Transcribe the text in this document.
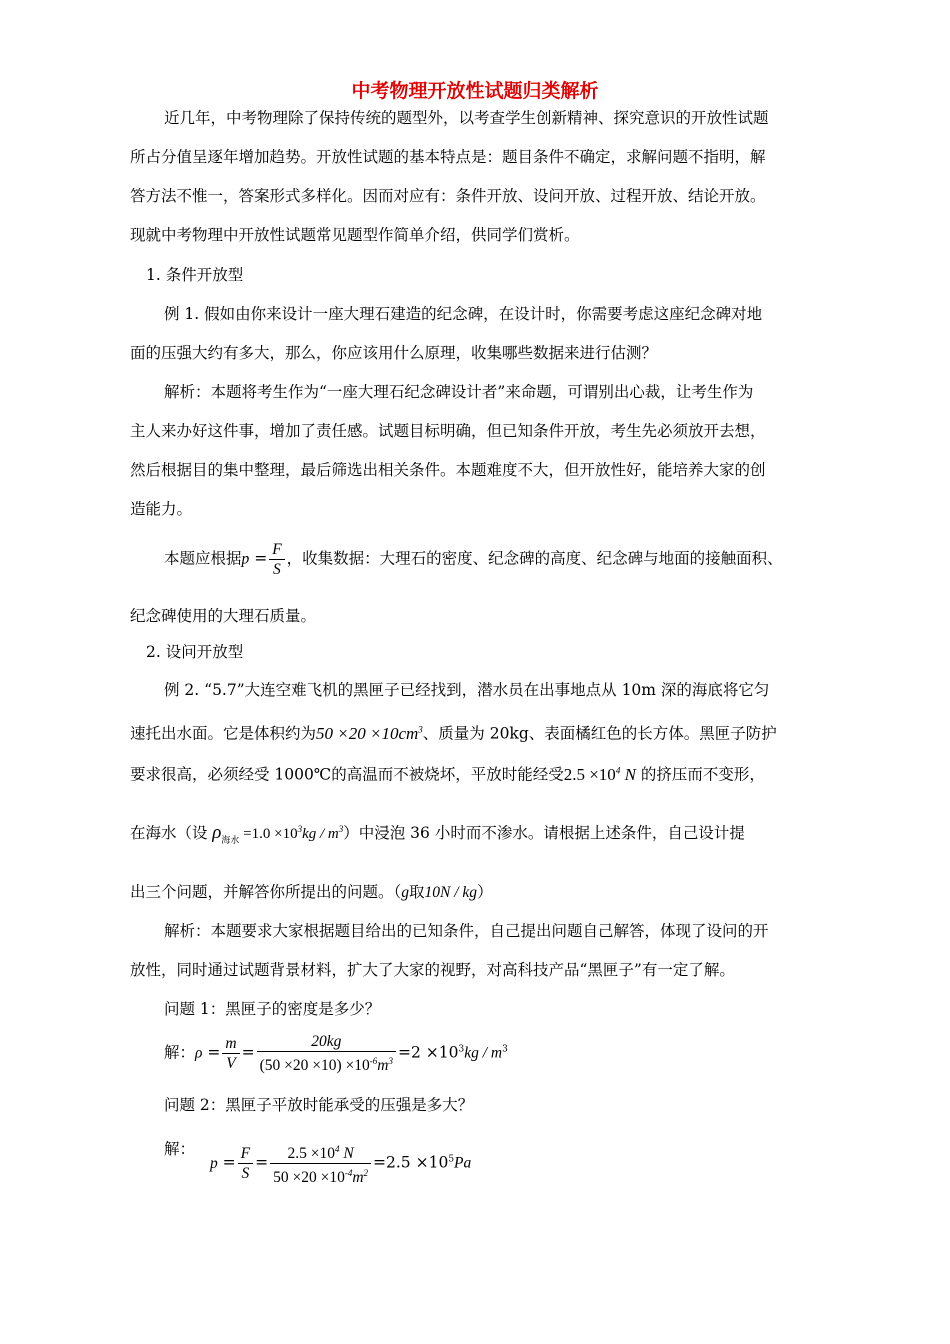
中考物理开放性试题归类解析
近几年，中考物理除了保持传统的题型外，以考查学生创新精神、探究意识的开放性试题
所占分值呈逐年增加趋势。开放性试题的基本特点是：题目条件不确定，求解问题不指明，解
答方法不惟一，答案形式多样化。因而对应有：条件开放、设问开放、过程开放、结论开放。
现就中考物理中开放性试题常见题型作简单介绍，供同学们赏析。
1. 条件开放型
例 1. 假如由你来设计一座大理石建造的纪念碑，在设计时，你需要考虑这座纪念碑对地
面的压强大约有多大，那么，你应该用什么原理，收集哪些数据来进行估测？
解析：本题将考生作为“一座大理石纪念碑设计者”来命题，可谓别出心裁，让考生作为
主人来办好这件事，增加了责任感。试题目标明确，但已知条件开放，考生先必须放开去想，
然后根据目的集中整理，最后筛选出相关条件。本题难度不大，但开放性好，能培养大家的创
造能力。
本题应根据$p = \frac{F}{S}$ ，收集数据：大理石的密度、纪念碑的高度、纪念碑与地面的接触面积、
纪念碑使用的大理石质量。
2. 设问开放型
例 2. “5.7”大连空难飞机的黑匣子已经找到，潜水员在出事地点从 10m 深的海底将它匀
速托出水面。它是体积约为$50 \times 20 \times 10cm^3$、质量为 20kg、表面橘红色的长方体。黑匣子防护
要求很高，必须经受 1000℃的高温而不被烧坏，平放时能经受$2.5 \times 10^4$ N 的挤压而不变形，
在海水（设 $\rho_{海水} =1.0 \times 10^3kg / m^3$）中浸泡 36 小时而不渗水。请根据上述条件，自己设计提
出三个问题，并解答你所提出的问题。（g取10N / kg）
解析：本题要求大家根据题目给出的已知条件，自己提出问题自己解答，体现了设问的开
放性，同时通过试题背景材料，扩大了大家的视野，对高科技产品“黑匣子”有一定了解。
问题 1：黑匣子的密度是多少？
解：$\rho = \frac{m}{V} = \frac{20kg}{(50 \times 20 \times 10) \times 10^{-6}m^3} =2 \times 10^3kg / m^3$
问题 2：黑匣子平放时能承受的压强是多大？
解： $p = \frac{F}{S} = \frac{2.5 \times 10^4 N}{50 \times 20 \times 10^{-4}m^2} =2.5 \times 10^5Pa$
